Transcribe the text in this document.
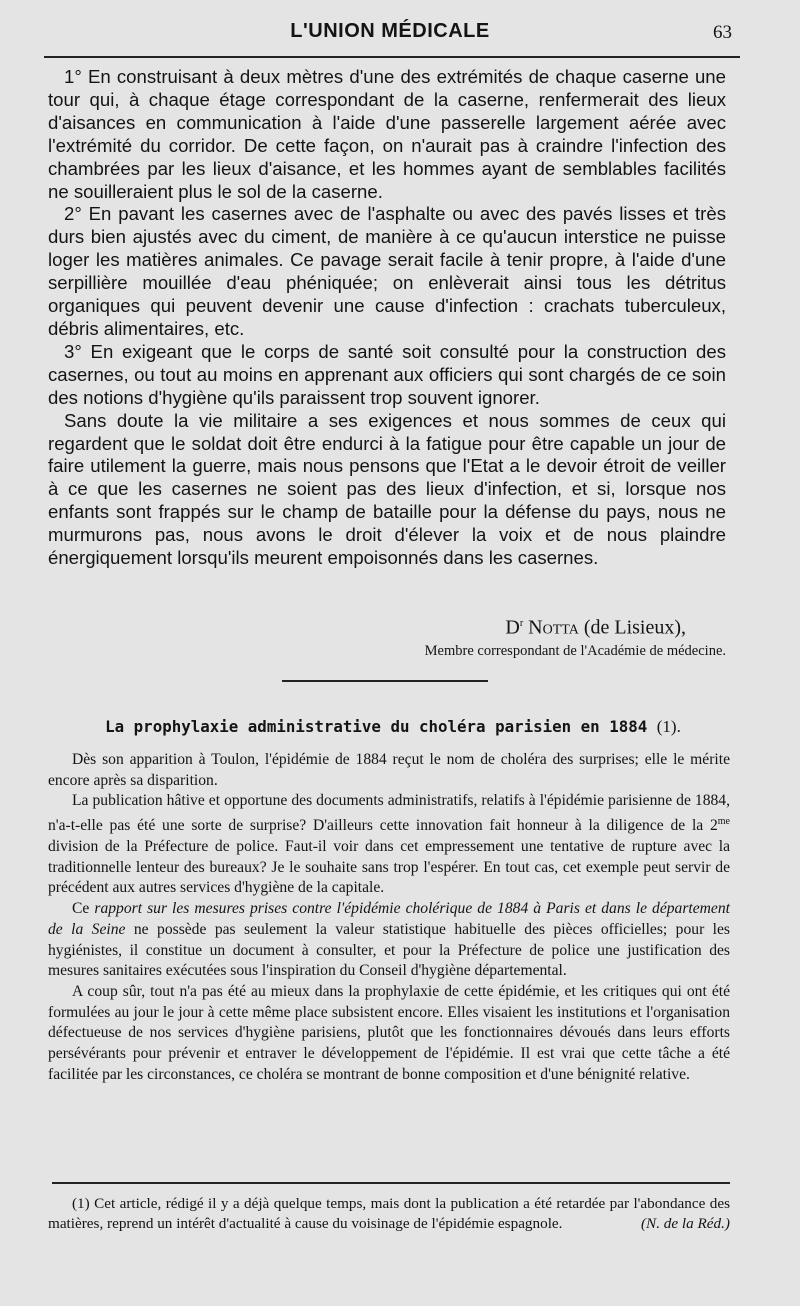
L'UNION MÉDICALE	63

1° En construisant à deux mètres d'une des extrémités de chaque caserne une tour qui, à chaque étage correspondant de la caserne, renfermerait des lieux d'aisances en communication à l'aide d'une passerelle largement aérée avec l'extrémité du corridor. De cette façon, on n'aurait pas à craindre l'infection des chambrées par les lieux d'aisance, et les hommes ayant de semblables facilités ne souilleraient plus le sol de la caserne.

2° En pavant les casernes avec de l'asphalte ou avec des pavés lisses et très durs bien ajustés avec du ciment, de manière à ce qu'aucun interstice ne puisse loger les matières animales. Ce pavage serait facile à tenir propre, à l'aide d'une serpillière mouillée d'eau phéniquée; on enlèverait ainsi tous les détritus organiques qui peuvent devenir une cause d'infection : crachats tuberculeux, débris alimentaires, etc.

3° En exigeant que le corps de santé soit consulté pour la construction des casernes, ou tout au moins en apprenant aux officiers qui sont chargés de ce soin des notions d'hygiène qu'ils paraissent trop souvent ignorer.

Sans doute la vie militaire a ses exigences et nous sommes de ceux qui regardent que le soldat doit être endurci à la fatigue pour être capable un jour de faire utilement la guerre, mais nous pensons que l'Etat a le devoir étroit de veiller à ce que les casernes ne soient pas des lieux d'infection, et si, lorsque nos enfants sont frappés sur le champ de bataille pour la défense du pays, nous ne murmurons pas, nous avons le droit d'élever la voix et de nous plaindre énergiquement lorsqu'ils meurent empoisonnés dans les casernes.

$D^r$ Notta (de Lisieux),
Membre correspondant de l'Académie de médecine.
La prophylaxie administrative du choléra parisien en 1884 (1).

Dès son apparition à Toulon, l'épidémie de 1884 reçut le nom de choléra des surprises; elle le mérite encore après sa disparition.

La publication hâtive et opportune des documents administratifs, relatifs à l'épidémie parisienne de 1884, n'a-t-elle pas été une sorte de surprise? D'ailleurs cette innovation fait honneur à la diligence de la $2^{me}$ division de la Préfecture de police. Faut-il voir dans cet empressement une tentative de rupture avec la traditionnelle lenteur des bureaux? Je le souhaite sans trop l'espérer. En tout cas, cet exemple peut servir de précédent aux autres services d'hygiène de la capitale.

Ce rapport sur les mesures prises contre l'épidémie cholérique de 1884 à Paris et dans le département de la Seine ne possède pas seulement la valeur statistique habituelle des pièces officielles; pour les hygiénistes, il constitue un document à consulter, et pour la Préfecture de police une justification des mesures sanitaires exécutées sous l'inspiration du Conseil d'hygiène départemental.

A coup sûr, tout n'a pas été au mieux dans la prophylaxie de cette épidémie, et les critiques qui ont été formulées au jour le jour à cette même place subsistent encore. Elles visaient les institutions et l'organisation défectueuse de nos services d'hygiène parisiens, plutôt que les fonctionnaires dévoués dans leurs efforts persévérants pour prévenir et entraver le développement de l'épidémie. Il est vrai que cette tâche a été facilitée par les circonstances, ce choléra se montrant de bonne composition et d'une bénignité relative.

(1) Cet article, rédigé il y a déjà quelque temps, mais dont la publication a été retardée par l'abondance des matières, reprend un intérêt d'actualité à cause du voisinage de l'épidémie espagnole.	(N. de la Réd.)
